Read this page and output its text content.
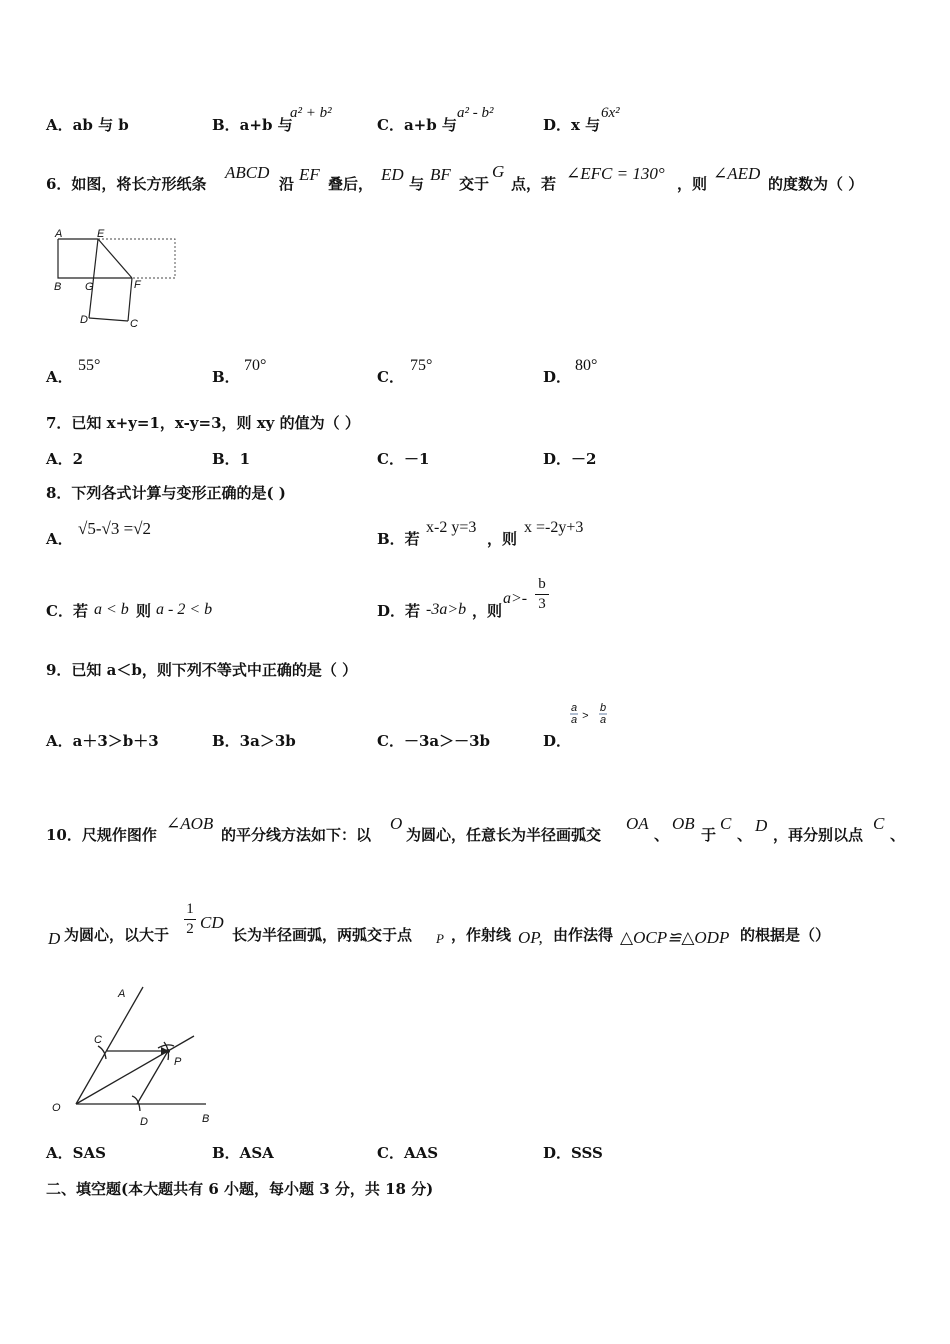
A．ab 与 b	B．a+b 与
a² + b²
C．a+b 与
a² - b²
D．x 与
6x²
6．如图，将长方形纸条
ABCD
沿 EF 叠后， ED 与 BF 交于
G
点，若
∠EFC = 130°
，则
∠AED
的度数为（ ）
A	E
B G	F
D	C
A．
55°
B．
70°
C．
75°
D．
80°
7．已知 x+y=1，x-y=3，则 xy 的值为（ ）
A．2	B．1	C．－1	D．－2
8．下列各式计算与变形正确的是( )
A．
√5-√3 =√2
B．若
x-2 y=3
，则
x =-2y+3
C．若 a < b 则 a - 2 < b	D．若 -3a>b ，则
a>-
b
3
9．已知 a＜b，则下列不等式中正确的是（ ）
A．a＋3＞b＋3	B．3a＞3b	C．－3a＞－3b	D．
a
a >
b
a
10．尺规作图作
∠AOB
的平分线方法如下：以
O
为圆心，任意长为半径画弧交
OA
、
OB
于
C
、 D ，再分别以点
C
、
D 为圆心，以大于
1
2 CD
长为半径画弧，两弧交于点 P ，作射线 OP, 由作法得 △OCP≌△ODP 的根据是（）
A
C
P
O
D	B
A．SAS	B．ASA	C．AAS	D．SSS
二、填空题(本大题共有 6 小题，每小题 3 分，共 18 分)
